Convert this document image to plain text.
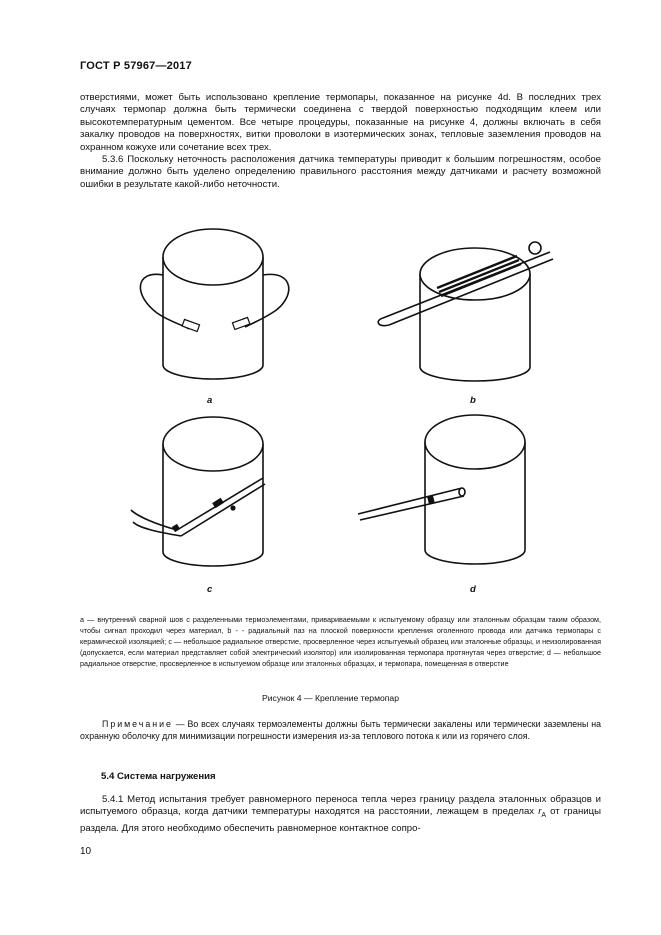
ГОСТ Р 57967—2017

отверстиями, может быть использовано крепление термопары, показанное на рисунке 4d. В последних трех случаях термопар должна быть термически соединена с твердой поверхностью подходящим клеем или высокотемпературным цементом. Все четыре процедуры, показанные на рисунке 4, должны включать в себя закалку проводов на поверхностях, витки проволоки в изотермических зонах, тепловые заземления проводов на охранном кожухе или сочетание всех трех.

5.3.6 Поскольку неточность расположения датчика температуры приводит к большим погрешностям, особое внимание должно быть уделено определению правильного расстояния между датчиками и расчету возможной ошибки в результате какой-либо неточности.

a	b
c	d
a — внутренний сварной шов с разделенными термоэлементами, привариваемыми к испытуемому образцу или эталонным образцам таким образом, чтобы сигнал проходил через материал, b - - радиальный паз на плоской поверхности крепления оголенного провода или датчика термопары с керамической изоляцией; c — небольшое радиальное отверстие, просверленное через испытуемый образец или эталонные образцы, и неизолированная (допускается, если материал представляет собой электрический изолятор) или изолированная термопара протянутая через отверстие; d — небольшое радиальное отверстие, просверленное в испытуемом образце или эталонных образцах, и термопара, помещенная в отверстие
Рисунок 4 — Крепление термопар
Примечание — Во всех случаях термоэлементы должны быть термически закалены или термически заземлены на охранную оболочку для минимизации погрешности измерения из-за теплового потока к или из горячего слоя.
5.4 Система нагружения

5.4.1 Метод испытания требует равномерного переноса тепла через границу раздела эталонных образцов и испытуемого образца, когда датчики температуры находятся на расстоянии, лежащем в пределах $r_A$ от границы раздела. Для этого необходимо обеспечить равномерное контактное сопро-

10
